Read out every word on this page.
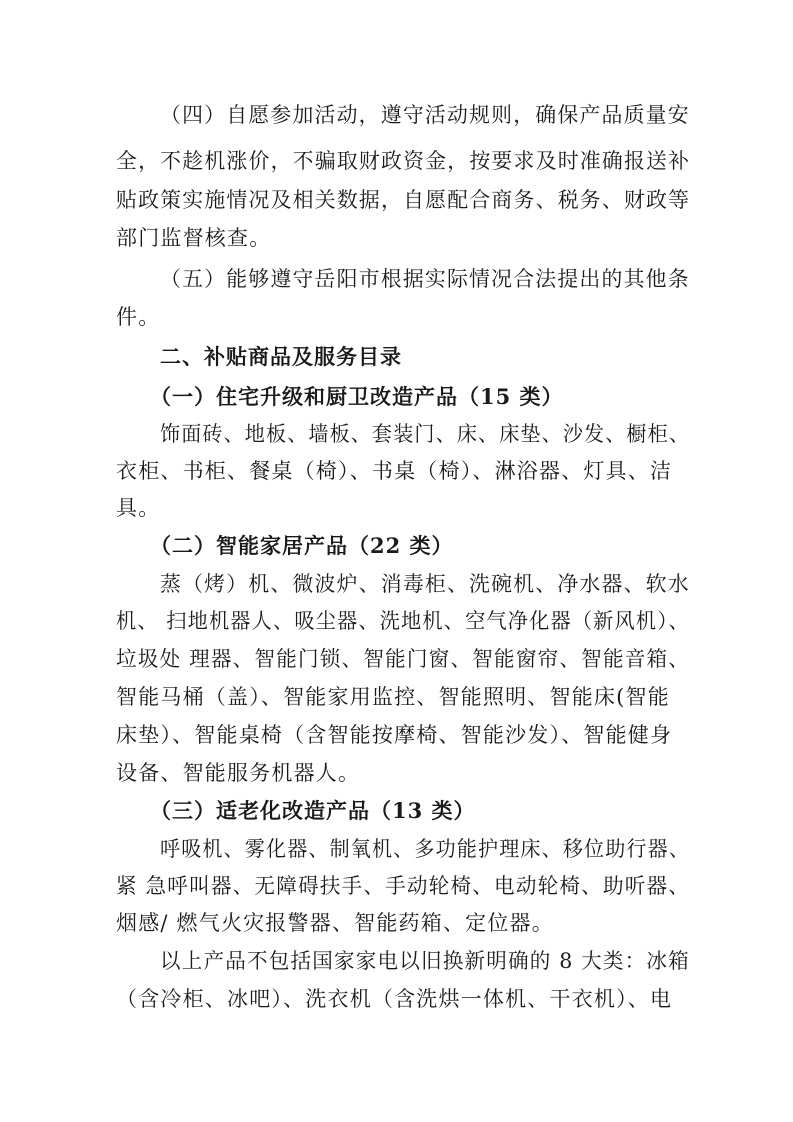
（四）自愿参加活动，遵守活动规则，确保产品质量安
全，不趁机涨价，不骗取财政资金，按要求及时准确报送补
贴政策实施情况及相关数据，自愿配合商务、税务、财政等
部门监督核查。
（五）能够遵守岳阳市根据实际情况合法提出的其他条
件。
二、补贴商品及服务目录
（一）住宅升级和厨卫改造产品（15 类）
饰面砖、地板、墙板、套装门、床、床垫、沙发、橱柜、
衣柜、书柜、餐桌（椅）、书桌（椅）、淋浴器、灯具、洁
具。
（二）智能家居产品（22 类）
蒸（烤）机、微波炉、消毒柜、洗碗机、净水器、软水
机、 扫地机器人、吸尘器、洗地机、空气净化器（新风机）、
垃圾处 理器、智能门锁、智能门窗、智能窗帘、智能音箱、
智能马桶（盖）、智能家用监控、智能照明、智能床(智能
床垫）、智能桌椅（含智能按摩椅、智能沙发）、智能健身
设备、智能服务机器人。
（三）适老化改造产品（13 类）
呼吸机、雾化器、制氧机、多功能护理床、移位助行器、
紧 急呼叫器、无障碍扶手、手动轮椅、电动轮椅、助听器、
烟感/ 燃气火灾报警器、智能药箱、定位器。
以上产品不包括国家家电以旧换新明确的 8 大类：冰箱
（含冷柜、冰吧）、洗衣机（含洗烘一体机、干衣机）、电
